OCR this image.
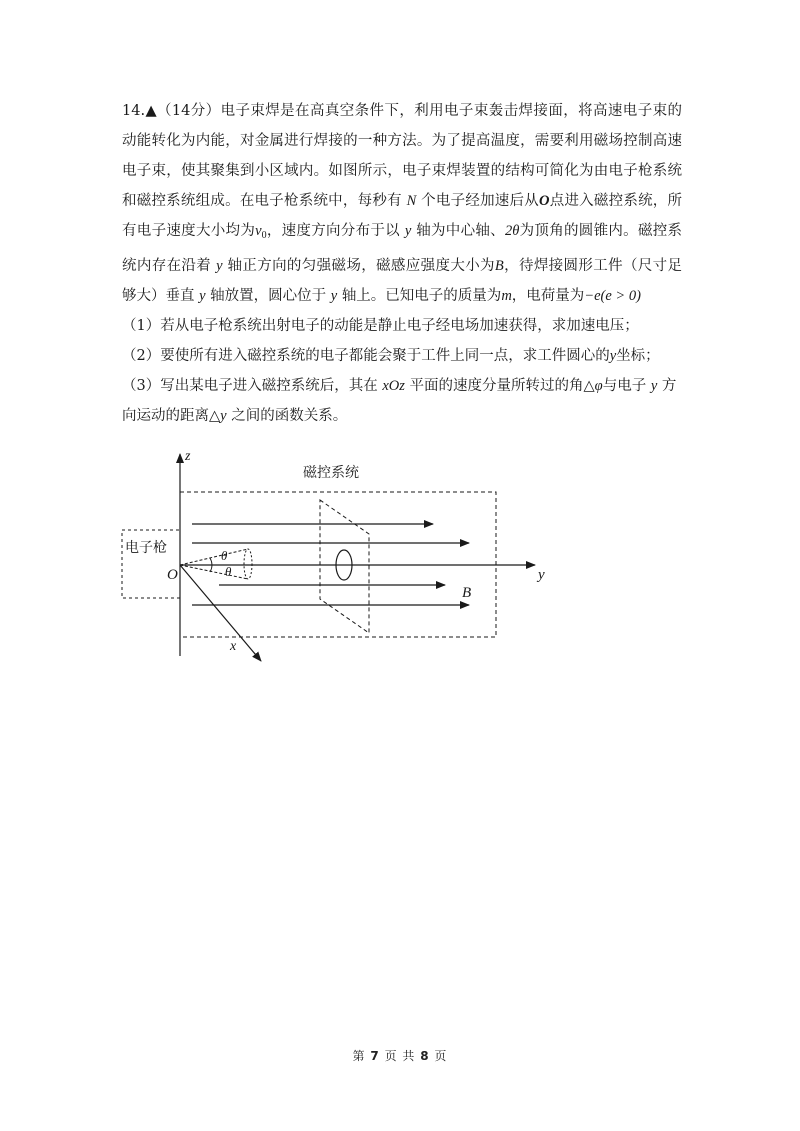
14.▲（14分）电子束焊是在高真空条件下，利用电子束轰击焊接面，将高速电子束的动能转化为内能，对金属进行焊接的一种方法。为了提高温度，需要利用磁场控制高速电子束，使其聚集到小区域内。如图所示，电子束焊装置的结构可简化为由电子枪系统和磁控系统组成。在电子枪系统中，每秒有 N 个电子经加速后从O点进入磁控系统，所有电子速度大小均为$v_0$，速度方向分布于以 y 轴为中心轴、2θ为顶角的圆锥内。磁控系统内存在沿着 y 轴正方向的匀强磁场，磁感应强度大小为B，待焊接圆形工件（尺寸足够大）垂直 y 轴放置，圆心位于 y 轴上。已知电子的质量为m，电荷量为−e(e > 0)

（1）若从电子枪系统出射电子的动能是静止电子经电场加速获得，求加速电压；

（2）要使所有进入磁控系统的电子都能会聚于工件上同一点，求工件圆心的y坐标；

（3）写出某电子进入磁控系统后，其在 xOz 平面的速度分量所转过的角△φ与电子 y 方向运动的距离△y 之间的函数关系。

磁控系统
电子枪
O
z
y
x
B
θ
θ
第 7 页 共 8 页
